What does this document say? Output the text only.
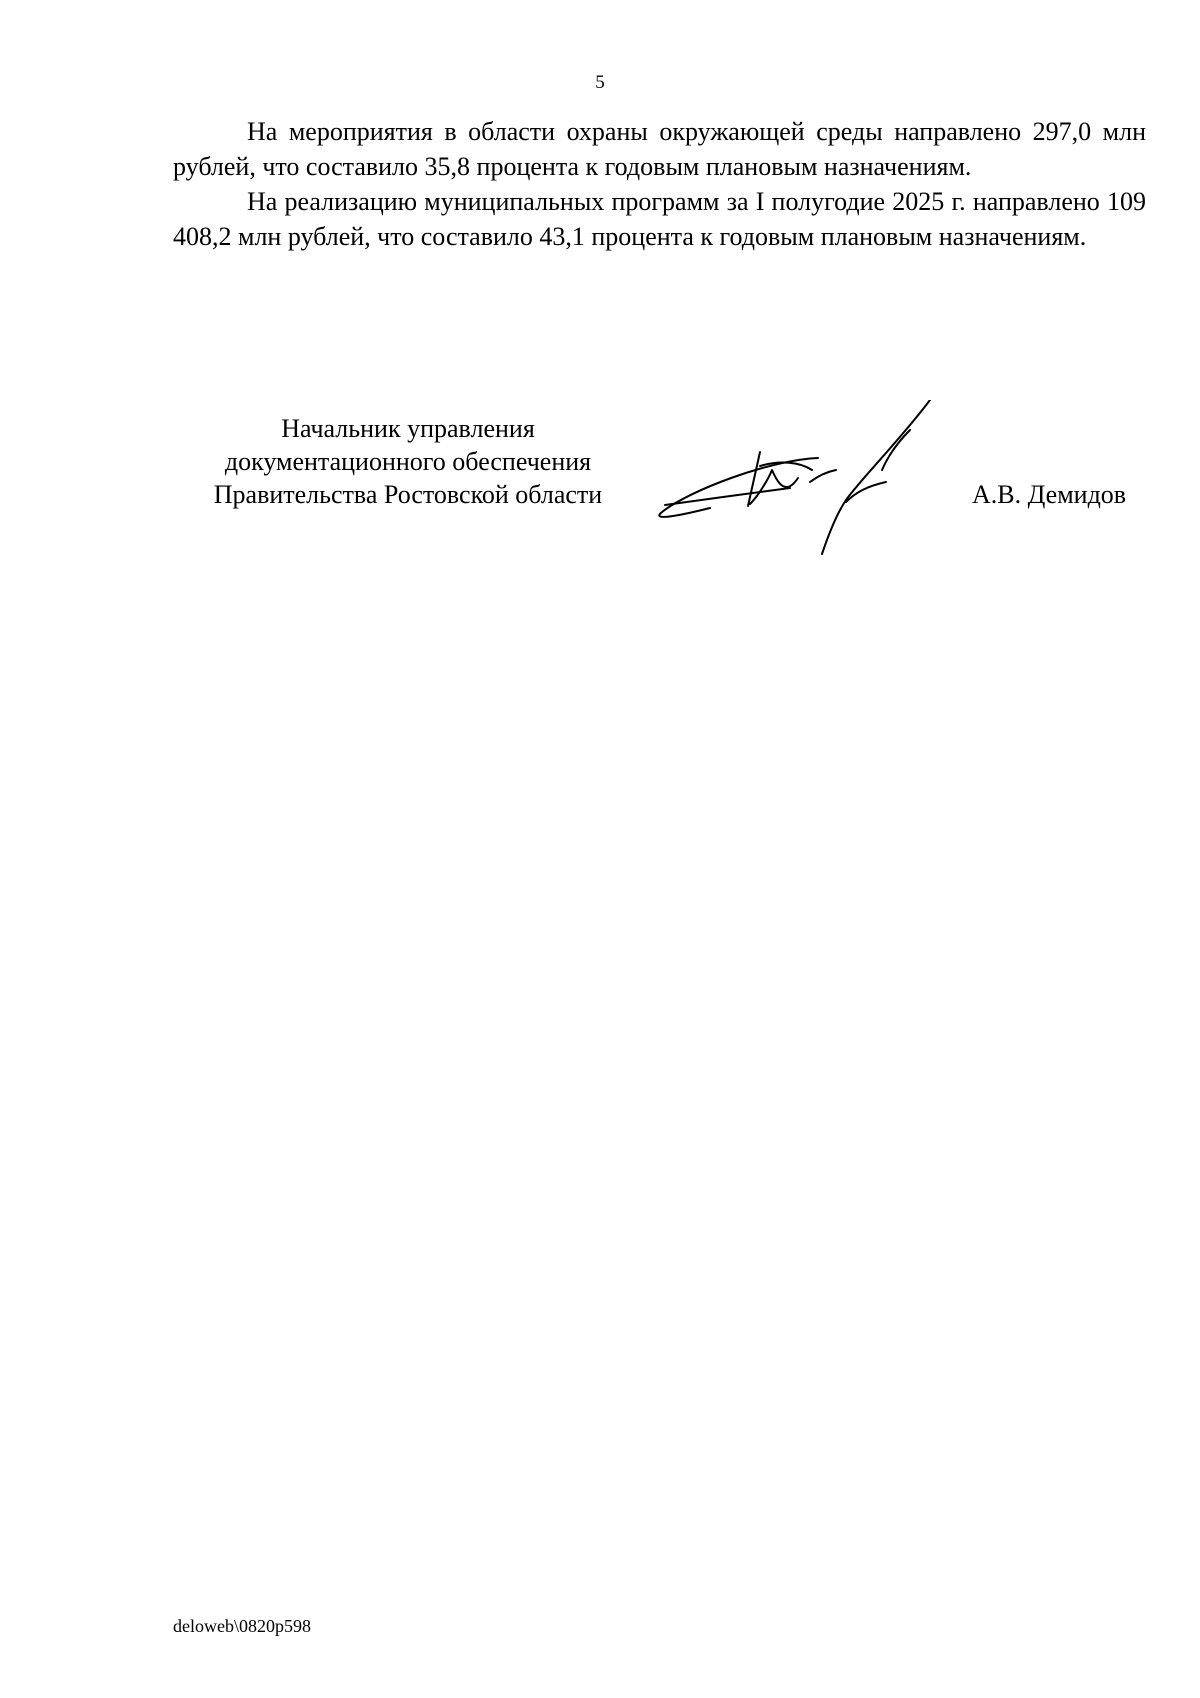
5

На мероприятия в области охраны окружающей среды направлено 297,0 млн рублей, что составило 35,8 процента к годовым плановым назначениям.

На реализацию муниципальных программ за I полугодие 2025 г. направлено 109 408,2 млн рублей, что составило 43,1 процента к годовым плановым назначениям.

Начальник управления
документационного обеспечения
Правительства Ростовской области	А.В. Демидов
deloweb\0820p598
